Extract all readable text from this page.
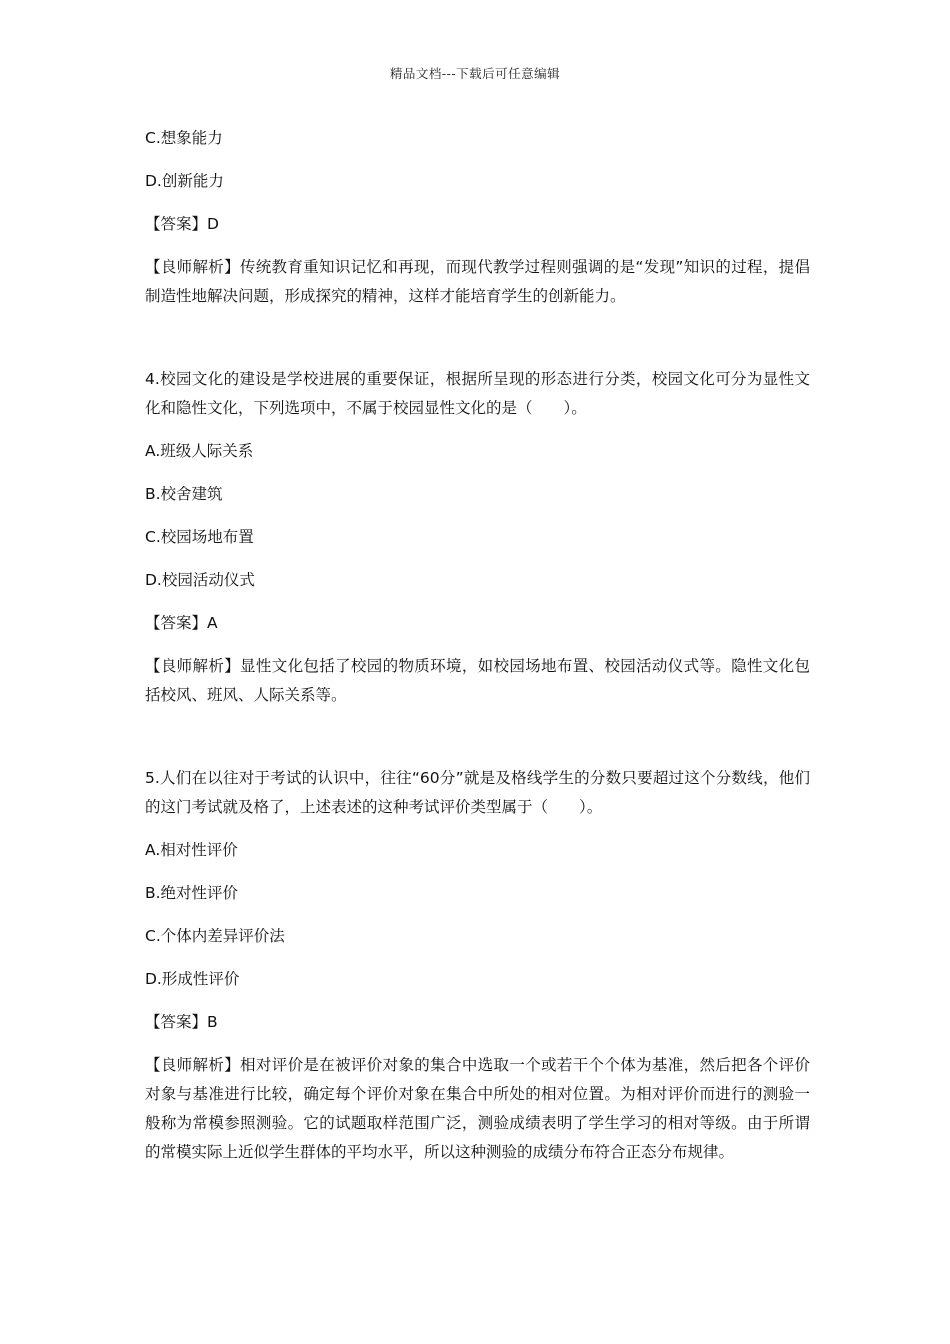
精品文档---下载后可任意编辑

C.想象能力

D.创新能力

【答案】D

【良师解析】传统教育重知识记忆和再现，而现代教学过程则强调的是“发现”知识的过程，提倡制造性地解决问题，形成探究的精神，这样才能培育学生的创新能力。

4.校园文化的建设是学校进展的重要保证，根据所呈现的形态进行分类，校园文化可分为显性文化和隐性文化，下列选项中，不属于校园显性文化的是（　　）。

A.班级人际关系

B.校舍建筑

C.校园场地布置

D.校园活动仪式

【答案】A

【良师解析】显性文化包括了校园的物质环境，如校园场地布置、校园活动仪式等。隐性文化包括校风、班风、人际关系等。

5.人们在以往对于考试的认识中，往往“60分”就是及格线学生的分数只要超过这个分数线，他们的这门考试就及格了，上述表述的这种考试评价类型属于（　　）。

A.相对性评价

B.绝对性评价

C.个体内差异评价法

D.形成性评价

【答案】B

【良师解析】相对评价是在被评价对象的集合中选取一个或若干个个体为基准，然后把各个评价对象与基准进行比较，确定每个评价对象在集合中所处的相对位置。为相对评价而进行的测验一般称为常模参照测验。它的试题取样范围广泛，测验成绩表明了学生学习的相对等级。由于所谓的常模实际上近似学生群体的平均水平，所以这种测验的成绩分布符合正态分布规律。
